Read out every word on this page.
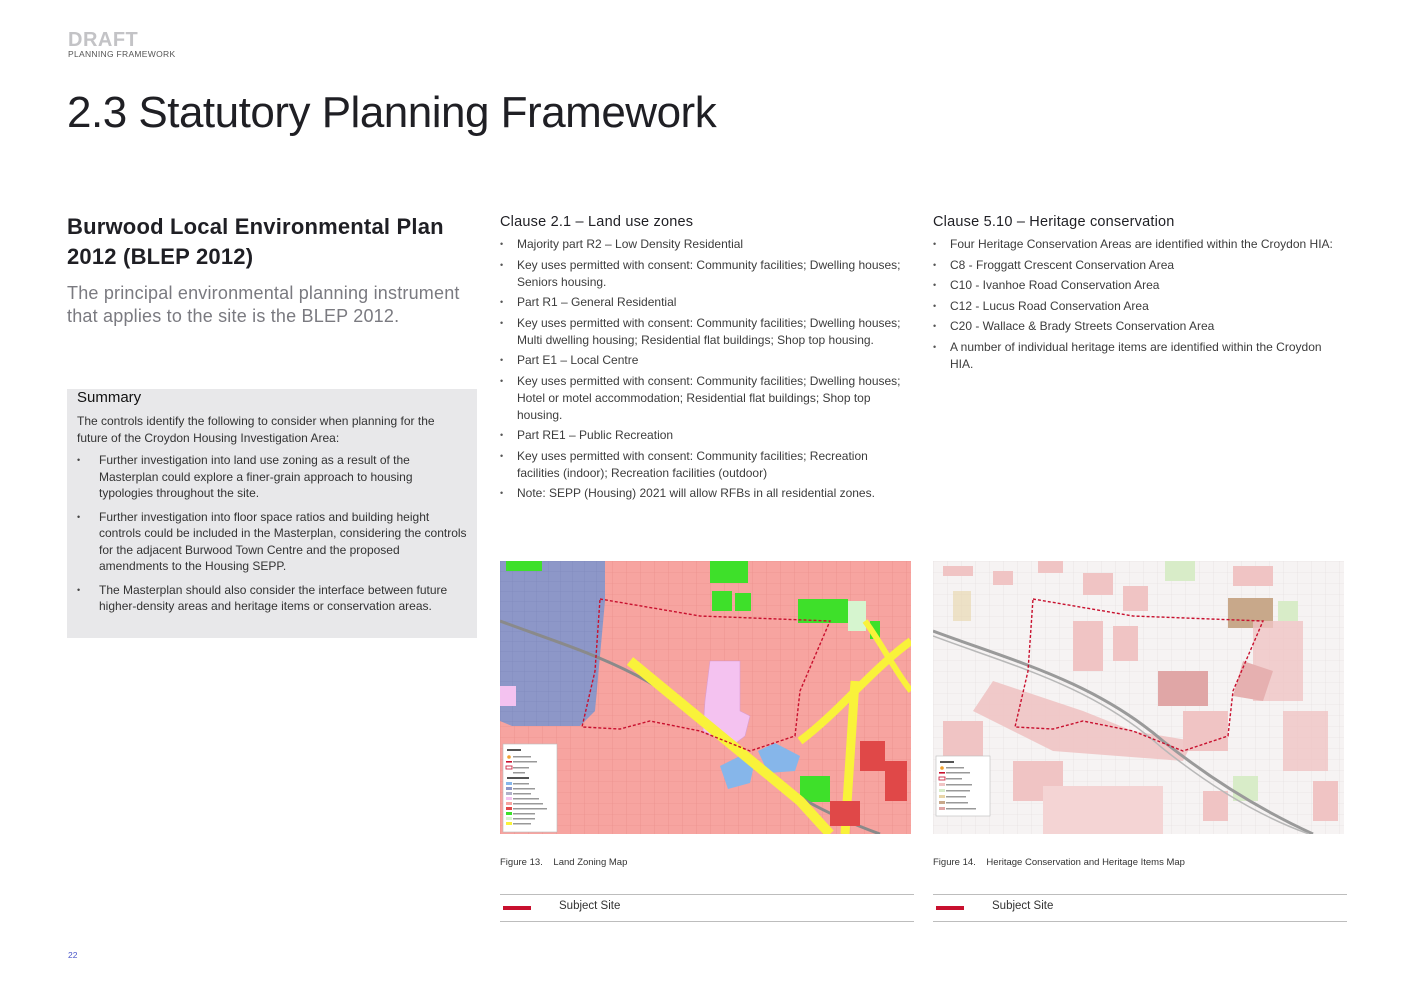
DRAFT
PLANNING FRAMEWORK
2.3 Statutory Planning Framework
Burwood Local Environmental Plan 2012 (BLEP 2012)

The principal environmental planning instrument that applies to the site is the BLEP 2012.

Summary

The controls identify the following to consider when planning for the future of the Croydon Housing Investigation Area:

• Further investigation into land use zoning as a result of the Masterplan could explore a finer-grain approach to housing typologies throughout the site.
• Further investigation into floor space ratios and building height controls could be included in the Masterplan, considering the controls for the adjacent Burwood Town Centre and the proposed amendments to the Housing SEPP.
• The Masterplan should also consider the interface between future higher-density areas and heritage items or conservation areas.
Clause 2.1 – Land use zones
• Majority part R2 – Low Density Residential
• Key uses permitted with consent: Community facilities; Dwelling houses; Seniors housing.
• Part R1 – General Residential
• Key uses permitted with consent: Community facilities; Dwelling houses; Multi dwelling housing; Residential flat buildings; Shop top housing.
• Part E1 – Local Centre
• Key uses permitted with consent: Community facilities; Dwelling houses; Hotel or motel accommodation; Residential flat buildings; Shop top housing.
• Part RE1 – Public Recreation
• Key uses permitted with consent: Community facilities; Recreation facilities (indoor); Recreation facilities (outdoor)
• Note: SEPP (Housing) 2021 will allow RFBs in all residential zones.
Clause 5.10 – Heritage conservation
• Four Heritage Conservation Areas are identified within the Croydon HIA:
• C8 - Froggatt Crescent Conservation Area
• C10 - Ivanhoe Road Conservation Area
• C12 - Lucus Road Conservation Area
• C20 - Wallace & Brady Streets Conservation Area
• A number of individual heritage items are identified within the Croydon HIA.
Figure 13. Land Zoning Map	Figure 14. Heritage Conservation and Heritage Items Map
Subject Site	Subject Site
22
